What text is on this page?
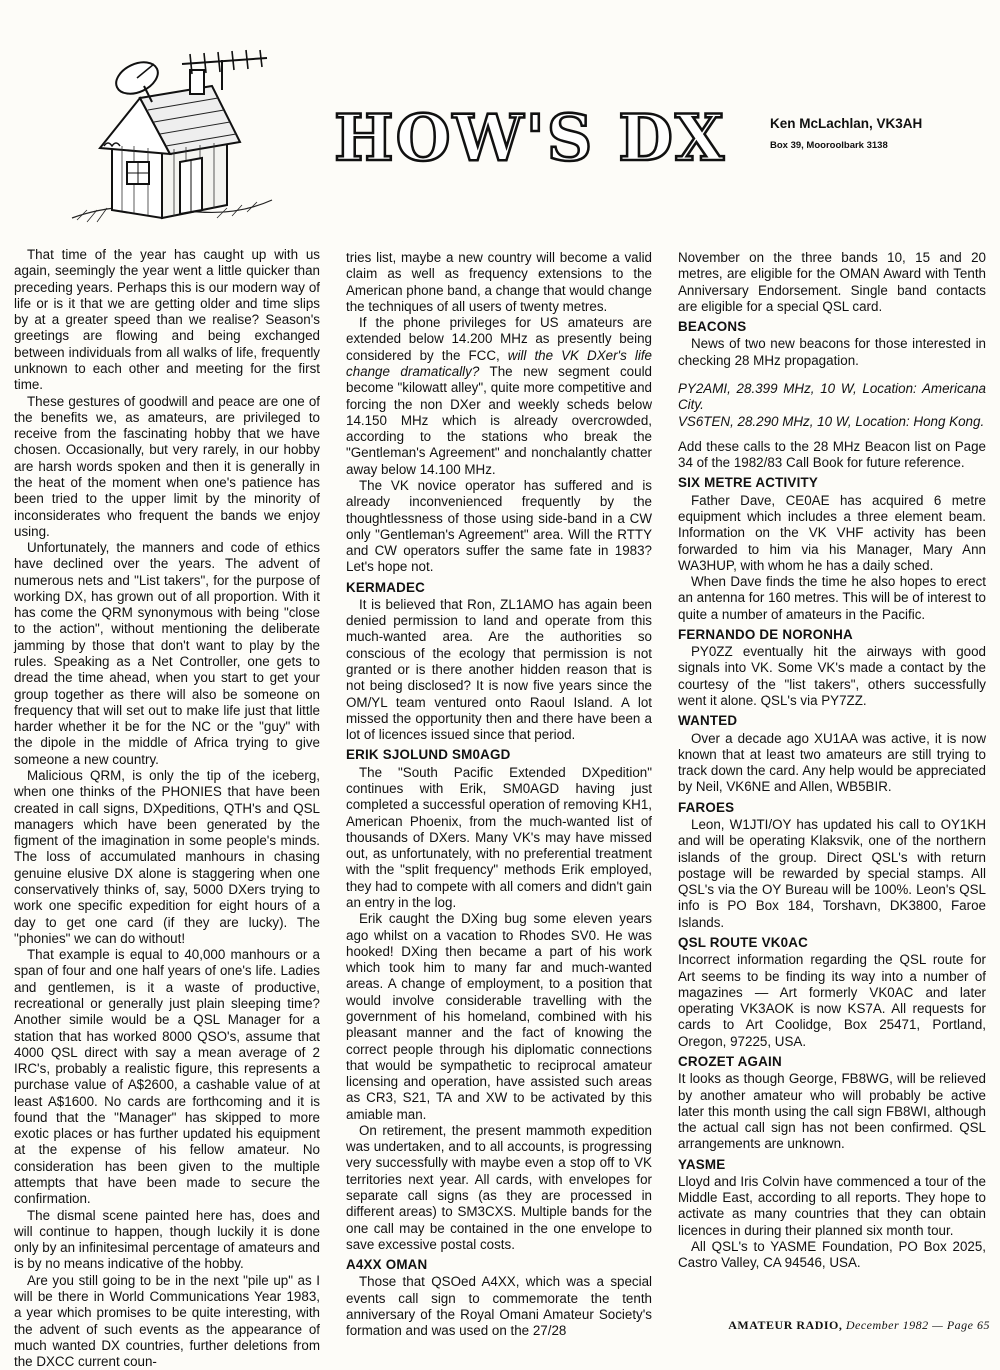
HOW'S DX	Ken McLachlan, VK3AH
Box 39, Mooroolbark 3138

That time of the year has caught up with us again, seemingly the year went a little quicker than preceding years. Perhaps this is our modern way of life or is it that we are getting older and time slips by at a greater speed than we realise? Season's greetings are flowing and being exchanged between individuals from all walks of life, frequently unknown to each other and meeting for the first time.

These gestures of goodwill and peace are one of the benefits we, as amateurs, are privileged to receive from the fascinating hobby that we have chosen. Occasionally, but very rarely, in our hobby are harsh words spoken and then it is generally in the heat of the moment when one's patience has been tried to the upper limit by the minority of inconsiderates who frequent the bands we enjoy using.

Unfortunately, the manners and code of ethics have declined over the years. The advent of numerous nets and "List takers", for the purpose of working DX, has grown out of all proportion. With it has come the QRM synonymous with being "close to the action", without mentioning the deliberate jamming by those that don't want to play by the rules. Speaking as a Net Controller, one gets to dread the time ahead, when you start to get your group together as there will also be someone on frequency that will set out to make life just that little harder whether it be for the NC or the "guy" with the dipole in the middle of Africa trying to give someone a new country.

Malicious QRM, is only the tip of the iceberg, when one thinks of the PHONIES that have been created in call signs, DXpeditions, QTH's and QSL managers which have been generated by the figment of the imagination in some people's minds. The loss of accumulated manhours in chasing genuine elusive DX alone is staggering when one conservatively thinks of, say, 5000 DXers trying to work one specific expedition for eight hours of a day to get one card (if they are lucky). The "phonies" we can do without!

That example is equal to 40,000 manhours or a span of four and one half years of one's life. Ladies and gentlemen, is it a waste of productive, recreational or generally just plain sleeping time? Another simile would be a QSL Manager for a station that has worked 8000 QSO's, assume that 4000 QSL direct with say a mean average of 2 IRC's, probably a realistic figure, this represents a purchase value of A$2600, a cashable value of at least A$1600. No cards are forthcoming and it is found that the "Manager" has skipped to more exotic places or has further updated his equipment at the expense of his fellow amateur. No consideration has been given to the multiple attempts that have been made to secure the confirmation.

The dismal scene painted here has, does and will continue to happen, though luckily it is done only by an infinitesimal percentage of amateurs and is by no means indicative of the hobby.

Are you still going to be in the next "pile up" as I will be there in World Communications Year 1983, a year which promises to be quite interesting, with the advent of such events as the appearance of much wanted DX countries, further deletions from the DXCC current coun-

tries list, maybe a new country will become a valid claim as well as frequency extensions to the American phone band, a change that would change the techniques of all users of twenty metres.

If the phone privileges for US amateurs are extended below 14.200 MHz as presently being considered by the FCC, will the VK DXer's life change dramatically? The new segment could become "kilowatt alley", quite more competitive and forcing the non DXer and weekly scheds below 14.150 MHz which is already overcrowded, according to the stations who break the "Gentleman's Agreement" and nonchalantly chatter away below 14.100 MHz.

The VK novice operator has suffered and is already inconvenienced frequently by the thoughtlessness of those using side-band in a CW only "Gentleman's Agreement" area. Will the RTTY and CW operators suffer the same fate in 1983? Let's hope not.

KERMADEC

It is believed that Ron, ZL1AMO has again been denied permission to land and operate from this much-wanted area. Are the authorities so conscious of the ecology that permission is not granted or is there another hidden reason that is not being disclosed? It is now five years since the OM/YL team ventured onto Raoul Island. A lot missed the opportunity then and there have been a lot of licences issued since that period.

ERIK SJOLUND SM0AGD

The "South Pacific Extended DXpedition" continues with Erik, SM0AGD having just completed a successful operation of removing KH1, American Phoenix, from the much-wanted list of thousands of DXers. Many VK's may have missed out, as unfortunately, with no preferential treatment with the "split frequency" methods Erik employed, they had to compete with all comers and didn't gain an entry in the log.

Erik caught the DXing bug some eleven years ago whilst on a vacation to Rhodes SV0. He was hooked! DXing then became a part of his work which took him to many far and much-wanted areas. A change of employment, to a position that would involve considerable travelling with the government of his homeland, combined with his pleasant manner and the fact of knowing the correct people through his diplomatic connections that would be sympathetic to reciprocal amateur licensing and operation, have assisted such areas as CR3, S21, TA and XW to be activated by this amiable man.

On retirement, the present mammoth expedition was undertaken, and to all accounts, is progressing very successfully with maybe even a stop off to VK territories next year. All cards, with envelopes for separate call signs (as they are processed in different areas) to SM3CXS. Multiple bands for the one call may be contained in the one envelope to save excessive postal costs.

A4XX OMAN

Those that QSOed A4XX, which was a special events call sign to commemorate the tenth anniversary of the Royal Omani Amateur Society's formation and was used on the 27/28

November on the three bands 10, 15 and 20 metres, are eligible for the OMAN Award with Tenth Anniversary Endorsement. Single band contacts are eligible for a special QSL card.

BEACONS

News of two new beacons for those interested in checking 28 MHz propagation.

PY2AMI, 28.399 MHz, 10 W, Location: Americana City.

VS6TEN, 28.290 MHz, 10 W, Location: Hong Kong.

Add these calls to the 28 MHz Beacon list on Page 34 of the 1982/83 Call Book for future reference.

SIX METRE ACTIVITY

Father Dave, CE0AE has acquired 6 metre equipment which includes a three element beam. Information on the VK VHF activity has been forwarded to him via his Manager, Mary Ann WA3HUP, with whom he has a daily sched.

When Dave finds the time he also hopes to erect an antenna for 160 metres. This will be of interest to quite a number of amateurs in the Pacific.

FERNANDO DE NORONHA

PY0ZZ eventually hit the airways with good signals into VK. Some VK's made a contact by the courtesy of the "list takers", others successfully went it alone. QSL's via PY7ZZ.

WANTED

Over a decade ago XU1AA was active, it is now known that at least two amateurs are still trying to track down the card. Any help would be appreciated by Neil, VK6NE and Allen, WB5BIR.

FAROES

Leon, W1JTI/OY has updated his call to OY1KH and will be operating Klaksvik, one of the northern islands of the group. Direct QSL's with return postage will be rewarded by special stamps. All QSL's via the OY Bureau will be 100%. Leon's QSL info is PO Box 184, Torshavn, DK3800, Faroe Islands.

QSL ROUTE VK0AC

Incorrect information regarding the QSL route for Art seems to be finding its way into a number of magazines — Art formerly VK0AC and later operating VK3AOK is now KS7A. All requests for cards to Art Coolidge, Box 25471, Portland, Oregon, 97225, USA.

CROZET AGAIN

It looks as though George, FB8WG, will be relieved by another amateur who will probably be active later this month using the call sign FB8WI, although the actual call sign has not been confirmed. QSL arrangements are unknown.

YASME

Lloyd and Iris Colvin have commenced a tour of the Middle East, according to all reports. They hope to activate as many countries that they can obtain licences in during their planned six month tour.

All QSL's to YASME Foundation, PO Box 2025, Castro Valley, CA 94546, USA.

AMATEUR RADIO, December 1982 — Page 65
